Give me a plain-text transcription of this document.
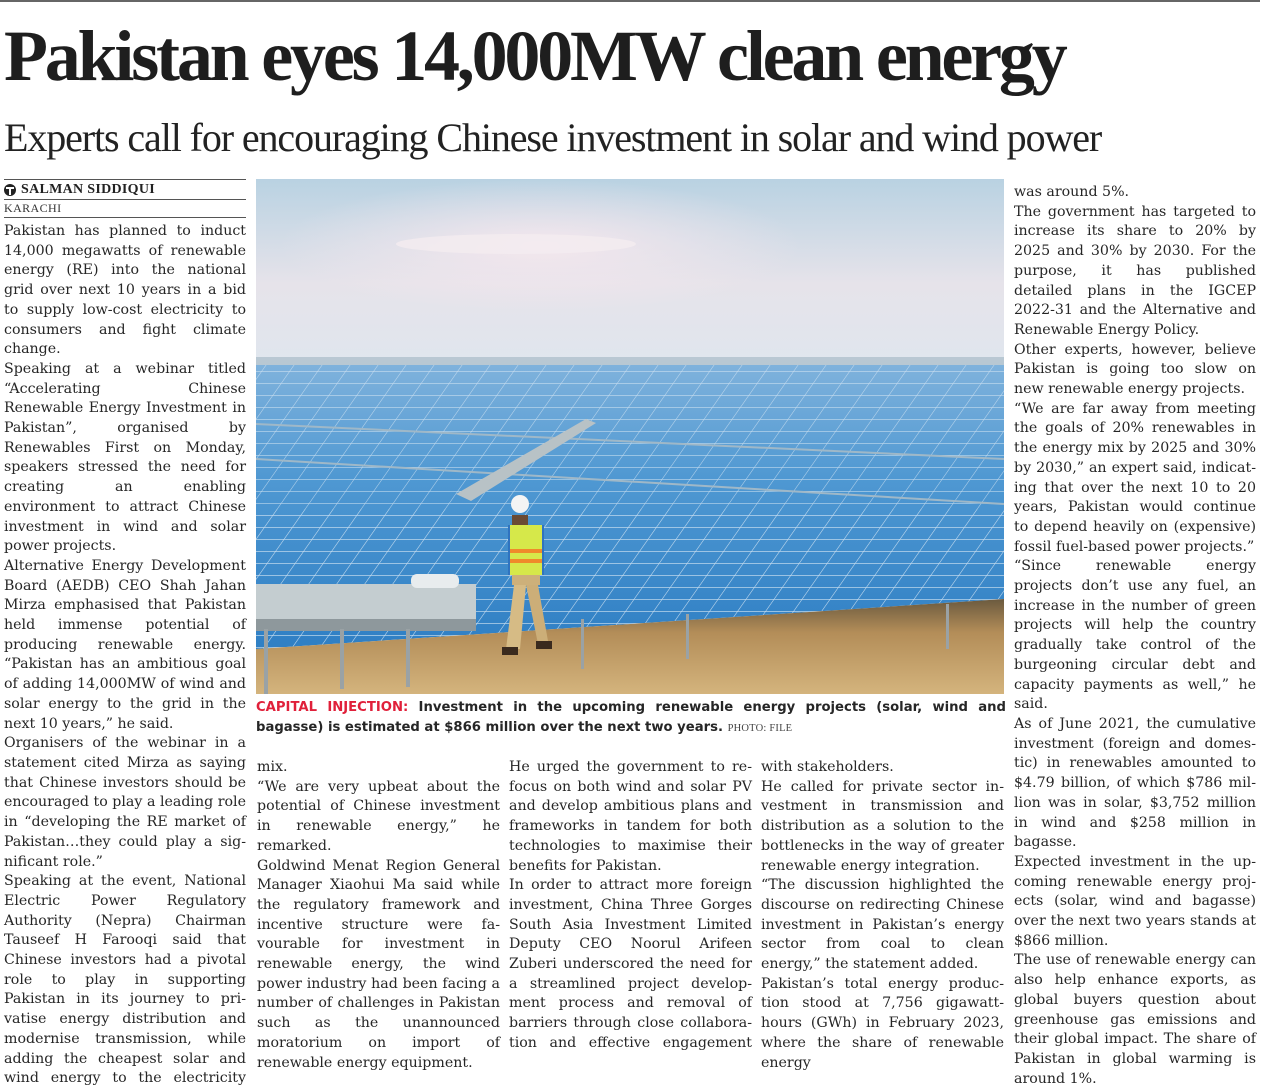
Pakistan eyes 14,000MW clean energy
Experts call for encouraging Chinese investment in solar and wind power
SALMAN SIDDIQUI
KARACHI

Pakistan has planned to induct 14,000 megawatts of renewable energy (RE) into the national grid over next 10 years in a bid to supply low-cost electricity to consumers and fight climate change.

Speaking at a webinar titled “Accelerating Chinese Renewable Energy Investment in Pakistan”, organised by Renewables First on Monday, speakers stressed the need for creating an enabling environment to attract Chinese investment in wind and solar power projects.

Alternative Energy Development Board (AEDB) CEO Shah Jahan Mirza emphasised that Pakistan held immense potential of producing renewable energy. “Pakistan has an ambitious goal of adding 14,000MW of wind and solar energy to the grid in the next 10 years,” he said.

Organisers of the webinar in a statement cited Mirza as saying that Chinese investors should be encouraged to play a leading role in “developing the RE market of Pakistan…they could play a significant role.”

Speaking at the event, National Electric Power Regulatory Authority (Nepra) Chairman Tauseef H Farooqi said that Chinese investors had a pivotal role to play in supporting Pakistan in its journey to privatise energy distribution and modernise transmission, while adding the cheapest solar and wind energy to the electricity

CAPITAL INJECTION: Investment in the upcoming renewable energy projects (solar, wind and bagasse) is estimated at $866 million over the next two years. PHOTO: FILE

mix.

“We are very upbeat about the potential of Chinese investment in renewable energy,” he remarked.

Goldwind Menat Region General Manager Xiaohui Ma said while the regulatory framework and incentive structure were favourable for investment in renewable energy, the wind power industry had been facing a number of challenges in Pakistan such as the unannounced moratorium on import of renewable energy equipment.

He urged the government to refocus on both wind and solar PV and develop ambitious plans and frameworks in tandem for both technologies to maximise their benefits for Pakistan.

In order to attract more foreign investment, China Three Gorges South Asia Investment Limited Deputy CEO Noorul Arifeen Zuberi underscored the need for a streamlined project development process and removal of barriers through close collaboration and effective engagement

with stakeholders.

He called for private sector investment in transmission and distribution as a solution to the bottlenecks in the way of greater renewable energy integration.

“The discussion highlighted the discourse on redirecting Chinese investment in Pakistan’s energy sector from coal to clean energy,” the statement added.

Pakistan’s total energy production stood at 7,756 gigawatt-hours (GWh) in February 2023, where the share of renewable energy

was around 5%.

The government has targeted to increase its share to 20% by 2025 and 30% by 2030. For the purpose, it has published detailed plans in the IGCEP 2022-31 and the Alternative and Renewable Energy Policy.

Other experts, however, believe Pakistan is going too slow on new renewable energy projects.

“We are far away from meeting the goals of 20% renewables in the energy mix by 2025 and 30% by 2030,” an expert said, indicating that over the next 10 to 20 years, Pakistan would continue to depend heavily on (expensive) fossil fuel-based power projects.”

“Since renewable energy projects don’t use any fuel, an increase in the number of green projects will help the country gradually take control of the burgeoning circular debt and capacity payments as well,” he said.

As of June 2021, the cumulative investment (foreign and domestic) in renewables amounted to $4.79 billion, of which $786 million was in solar, $3,752 million in wind and $258 million in bagasse.

Expected investment in the upcoming renewable energy projects (solar, wind and bagasse) over the next two years stands at $866 million.

The use of renewable energy can also help enhance exports, as global buyers question about greenhouse gas emissions and their global impact. The share of Pakistan in global warming is around 1%.
